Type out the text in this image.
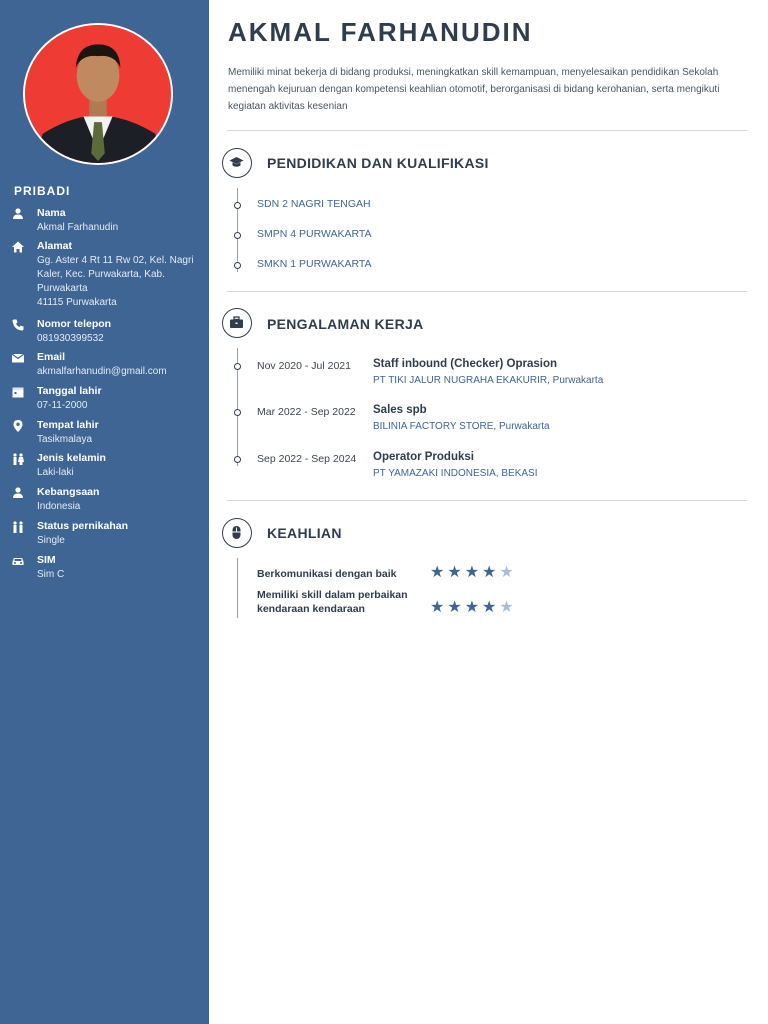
PRIBADI
Nama
Akmal Farhanudin
Alamat
Gg. Aster 4 Rt 11 Rw 02, Kel. Nagri Kaler, Kec. Purwakarta, Kab. Purwakarta
41115 Purwakarta
Nomor telepon
081930399532
Email
akmalfarhanudin@gmail.com
Tanggal lahir
07-11-2000
Tempat lahir
Tasikmalaya
Jenis kelamin
Laki-laki
Kebangsaan
Indonesia
Status pernikahan
Single
SIM
Sim C
AKMAL FARHANUDIN
Memiliki minat bekerja di bidang produksi, meningkatkan skill kemampuan, menyelesaikan pendidikan Sekolah menengah kejuruan dengan kompetensi keahlian otomotif, berorganisasi di bidang kerohanian, serta mengikuti kegiatan aktivitas kesenian
PENDIDIKAN DAN KUALIFIKASI
SDN 2 NAGRI TENGAH
SMPN 4 PURWAKARTA
SMKN 1 PURWAKARTA
PENGALAMAN KERJA
Nov 2020 - Jul 2021 Staff inbound (Checker) Oprasion
PT TIKI JALUR NUGRAHA EKAKURIR, Purwakarta
Mar 2022 - Sep 2022 Sales spb
BILINIA FACTORY STORE, Purwakarta
Sep 2022 - Sep 2024 Operator Produksi
PT YAMAZAKI INDONESIA, BEKASI
KEAHLIAN
Berkomunikasi dengan baik	★★★★★
Memiliki skill dalam perbaikan kendaraan kendaraan	★★★★★
